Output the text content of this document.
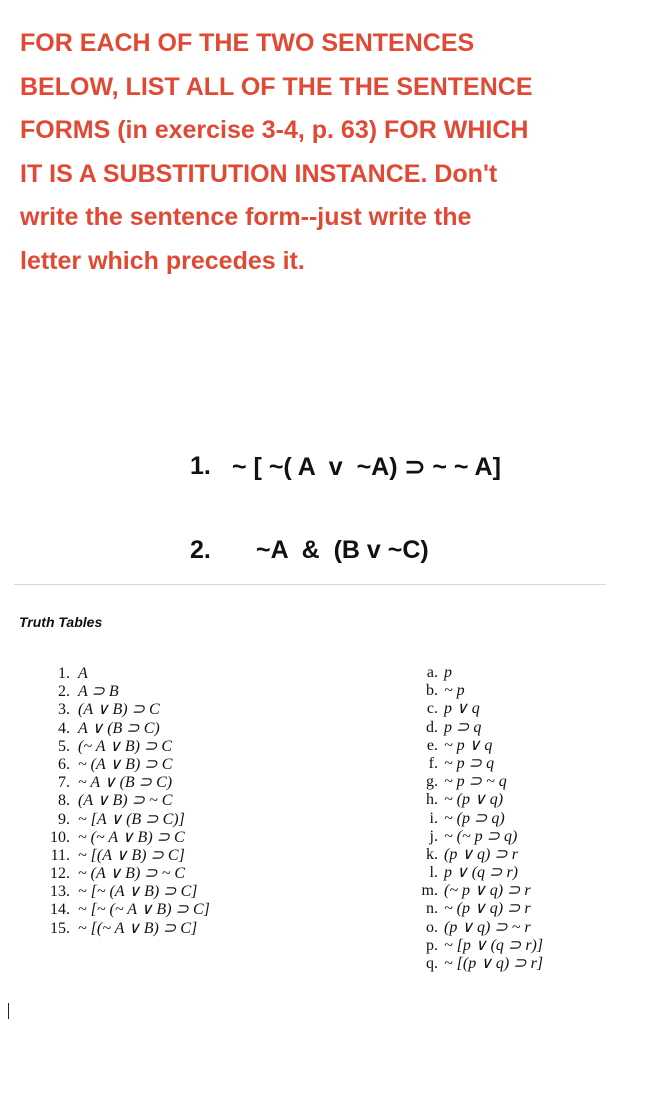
FOR EACH OF THE TWO SENTENCES
BELOW, LIST ALL OF THE THE SENTENCE
FORMS (in exercise 3-4, p. 63) FOR WHICH
IT IS A SUBSTITUTION INSTANCE. Don't
write the sentence form--just write the
letter which precedes it.

1.

~ [ ~( A  v  ~A) ⊃ ~ ~ A]

2.

~A  &  (B v ~C)

Truth Tables
1. A
2. A ⊃ B
3. (A ∨ B) ⊃ C
4. A ∨ (B ⊃ C)
5. (~ A ∨ B) ⊃ C
6. ~ (A ∨ B) ⊃ C
7. ~ A ∨ (B ⊃ C)
8. (A ∨ B) ⊃ ~ C
9. ~ [A ∨ (B ⊃ C)]
10. ~ (~ A ∨ B) ⊃ C
11. ~ [(A ∨ B) ⊃ C]
12. ~ (A ∨ B) ⊃ ~ C
13. ~ [~ (A ∨ B) ⊃ C]
14. ~ [~ (~ A ∨ B) ⊃ C]
15. ~ [(~ A ∨ B) ⊃ C]
a. p
b. ~ p
c. p ∨ q
d. p ⊃ q
e. ~ p ∨ q
f. ~ p ⊃ q
g. ~ p ⊃ ~ q
h. ~ (p ∨ q)
i. ~ (p ⊃ q)
j. ~ (~ p ⊃ q)
k. (p ∨ q) ⊃ r
l. p ∨ (q ⊃ r)
m. (~ p ∨ q) ⊃ r
n. ~ (p ∨ q) ⊃ r
o. (p ∨ q) ⊃ ~ r
p. ~ [p ∨ (q ⊃ r)]
q. ~ [(p ∨ q) ⊃ r]
